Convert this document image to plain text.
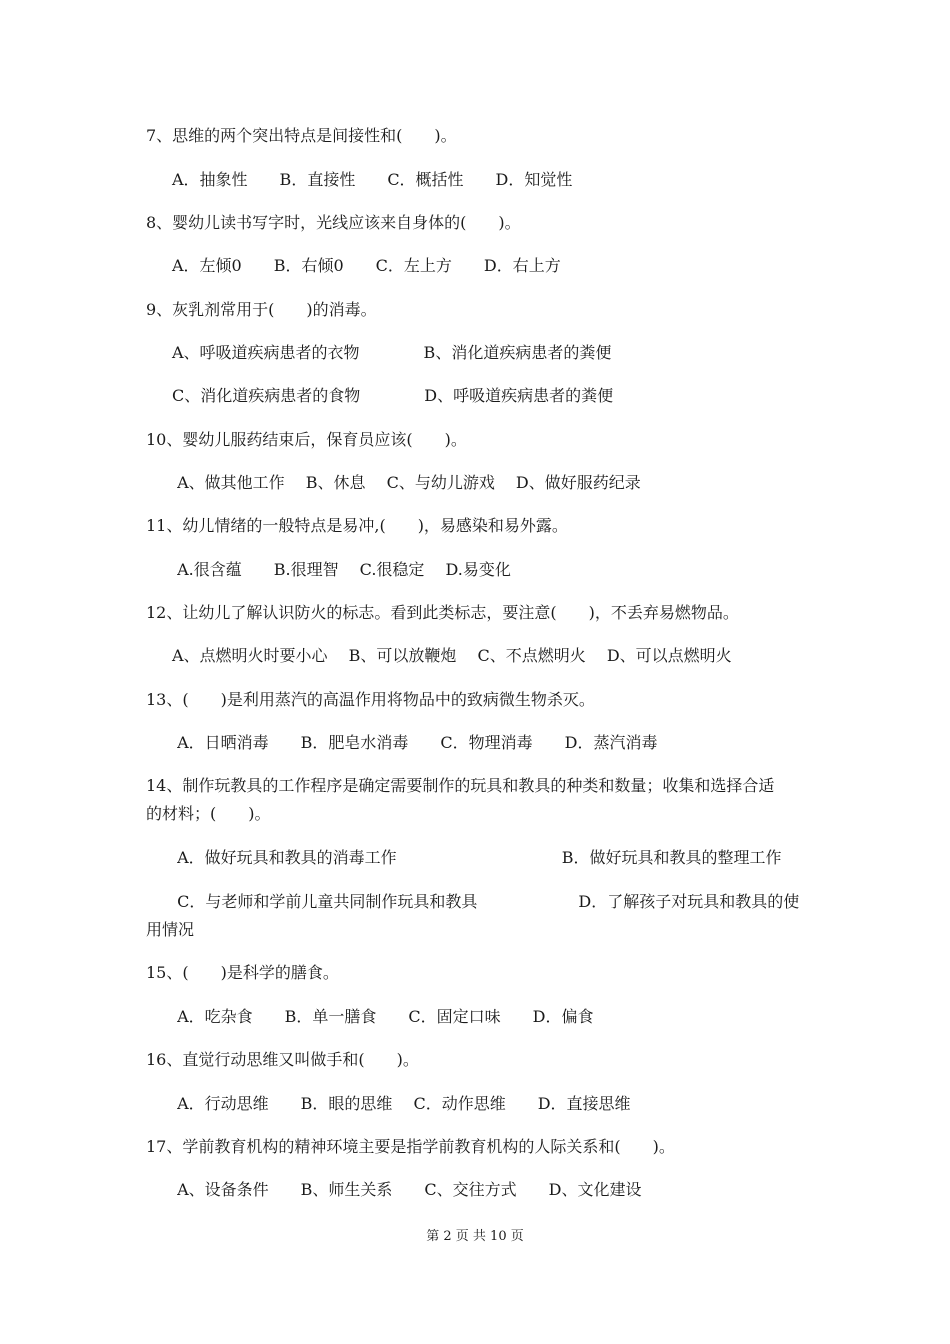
7、思维的两个突出特点是间接性和(　　)。
A．抽象性　　B．直接性　　C．概括性　　D．知觉性
8、婴幼儿读书写字时，光线应该来自身体的(　　)。
A．左倾0　　B．右倾0　　C．左上方　　D．右上方
9、灰乳剂常用于(　　)的消毒。
A、呼吸道疾病患者的衣物　　　　B、消化道疾病患者的粪便
C、消化道疾病患者的食物　　　　D、呼吸道疾病患者的粪便
10、婴幼儿服药结束后，保育员应该(　　)。
A、做其他工作　 B、休息　 C、与幼儿游戏　 D、做好服药纪录
11、幼儿情绪的一般特点是易冲,(　　)，易感染和易外露。
A.很含蕴　　B.很理智　 C.很稳定　 D.易变化
12、让幼儿了解认识防火的标志。看到此类标志，要注意(　　)，不丢弃易燃物品。
A、点燃明火时要小心　 B、可以放鞭炮　 C、不点燃明火　 D、可以点燃明火
13、(　　)是利用蒸汽的高温作用将物品中的致病微生物杀灭。
A．日晒消毒　　B．肥皂水消毒　　C．物理消毒　　D．蒸汽消毒
14、制作玩教具的工作程序是确定需要制作的玩具和教具的种类和数量；收集和选择合适
的材料；(　　)。
A．做好玩具和教具的消毒工作　　　　　　　　　　 B．做好玩具和教具的整理工作
C．与老师和学前儿童共同制作玩具和教具　　　　　　 D．了解孩子对玩具和教具的使
用情况
15、(　　)是科学的膳食。
A．吃杂食　　B．单一膳食　　C．固定口味　　D．偏食
16、直觉行动思维又叫做手和(　　)。
A．行动思维　　B．眼的思维　 C．动作思维　　D．直接思维
17、学前教育机构的精神环境主要是指学前教育机构的人际关系和(　　)。
A、设备条件　　B、师生关系　　C、交往方式　　D、文化建设
第 2 页 共 10 页
